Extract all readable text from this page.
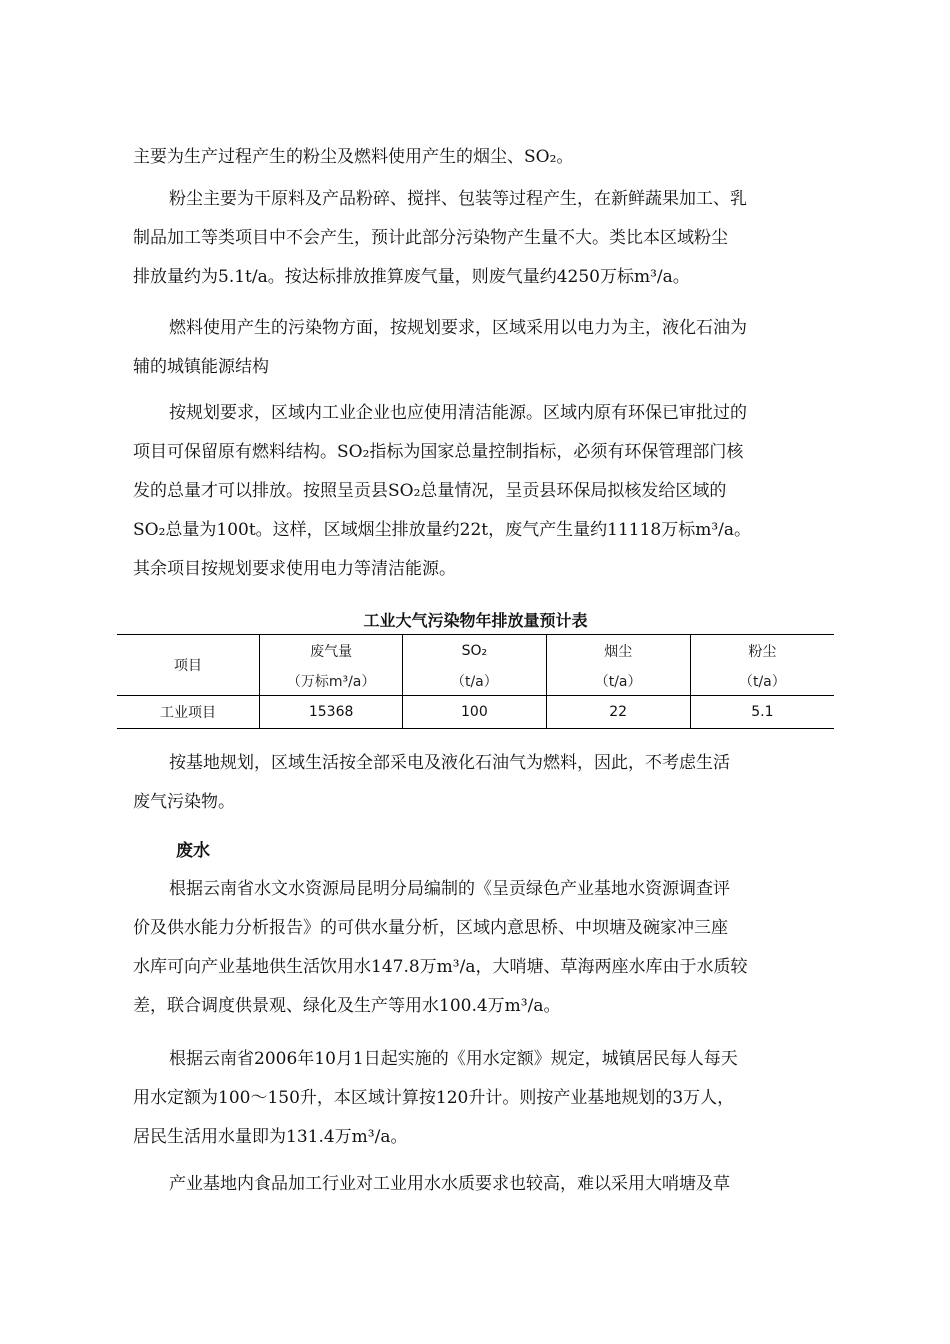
主要为生产过程产生的粉尘及燃料使用产生的烟尘、SO₂。

粉尘主要为干原料及产品粉碎、搅拌、包装等过程产生，在新鲜蔬果加工、乳
制品加工等类项目中不会产生，预计此部分污染物产生量不大。类比本区域粉尘
排放量约为5.1t/a。按达标排放推算废气量，则废气量约4250万标m³/a。

燃料使用产生的污染物方面，按规划要求，区域采用以电力为主，液化石油为
辅的城镇能源结构

按规划要求，区域内工业企业也应使用清洁能源。区域内原有环保已审批过的
项目可保留原有燃料结构。SO₂指标为国家总量控制指标，必须有环保管理部门核
发的总量才可以排放。按照呈贡县SO₂总量情况，呈贡县环保局拟核发给区域的
SO₂总量为100t。这样，区域烟尘排放量约22t，废气产生量约11118万标m³/a。
其余项目按规划要求使用电力等清洁能源。

工业大气污染物年排放量预计表
项目	废气量	SO₂	烟尘	粉尘
	（万标m³/a）	（t/a）	（t/a）	（t/a）
工业项目	15368	100	22	5.1

按基地规划，区域生活按全部采电及液化石油气为燃料，因此，不考虑生活
废气污染物。

废水

根据云南省水文水资源局昆明分局编制的《呈贡绿色产业基地水资源调查评
价及供水能力分析报告》的可供水量分析，区域内意思桥、中坝塘及碗家冲三座
水库可向产业基地供生活饮用水147.8万m³/a，大哨塘、草海两座水库由于水质较
差，联合调度供景观、绿化及生产等用水100.4万m³/a。

根据云南省2006年10月1日起实施的《用水定额》规定，城镇居民每人每天
用水定额为100～150升，本区域计算按120升计。则按产业基地规划的3万人，
居民生活用水量即为131.4万m³/a。

产业基地内食品加工行业对工业用水水质要求也较高，难以采用大哨塘及草
